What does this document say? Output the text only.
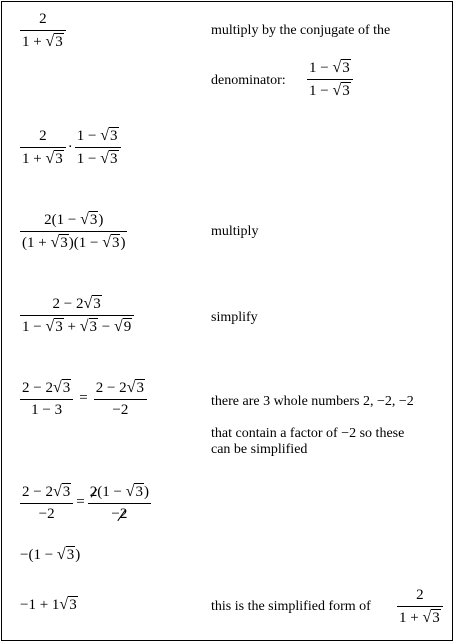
$\frac{2}{1 + √3}$	multiply by the conjugate of the
denominator: $\frac{1 - √3}{1 - √3}$
$\frac{2}{1 + √3} \cdot \frac{1 - √3}{1 - √3}$
$\frac{2(1 - √3)}{(1 + √3)(1 - √3)}$	multiply
$\frac{2 - 2√3}{1 - √3 + √3 - √9}$	simplify
$\frac{2 - 2√3}{1 - 3} = \frac{2 - 2√3}{-2}$	there are 3 whole numbers 2, −2, −2
that contain a factor of −2 so these
can be simplified
$\frac{2 - 2√3}{-2} = \frac{2(1 - √3)}{-2}$
−(1 − √3)
−1 + 1√3	this is the simplified form of $\frac{2}{1 + √3}$
